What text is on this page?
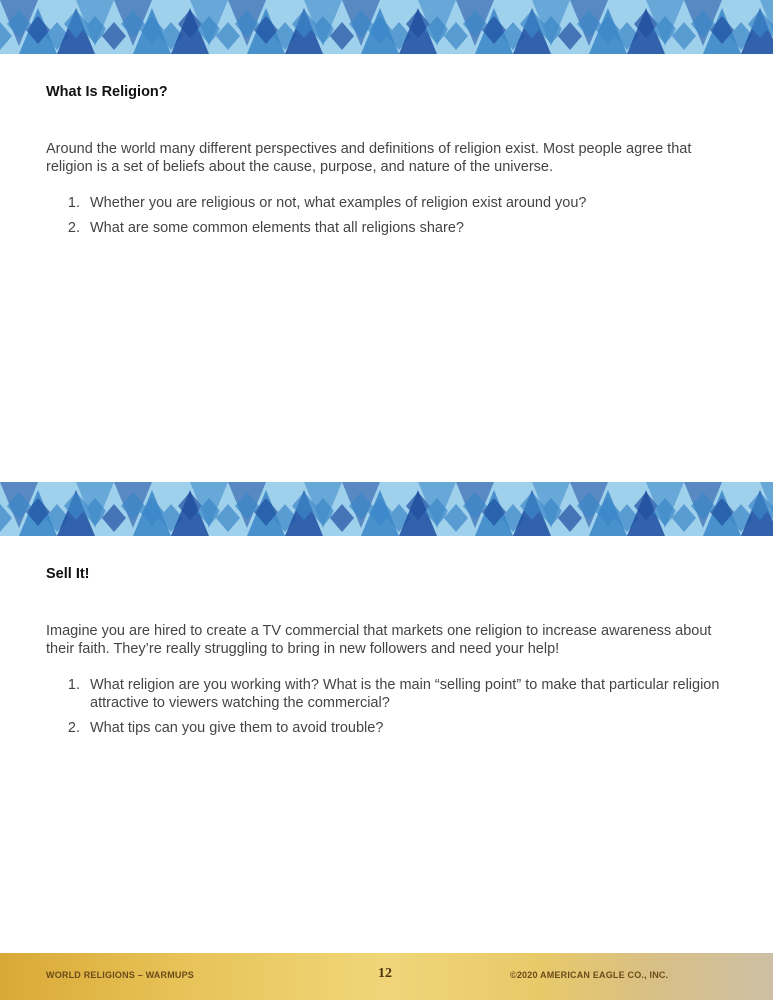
What Is Religion?

Around the world many different perspectives and definitions of religion exist. Most people agree that religion is a set of beliefs about the cause, purpose, and nature of the universe.

1. Whether you are religious or not, what examples of religion exist around you?
2. What are some common elements that all religions share?
Sell It!

Imagine you are hired to create a TV commercial that markets one religion to increase awareness about their faith. They’re really struggling to bring in new followers and need your help!

1. What religion are you working with? What is the main “selling point” to make that particular religion attractive to viewers watching the commercial?
2. What tips can you give them to avoid trouble?
WORLD RELIGIONS – WARMUPS	12	©2020 AMERICAN EAGLE CO., INC.
